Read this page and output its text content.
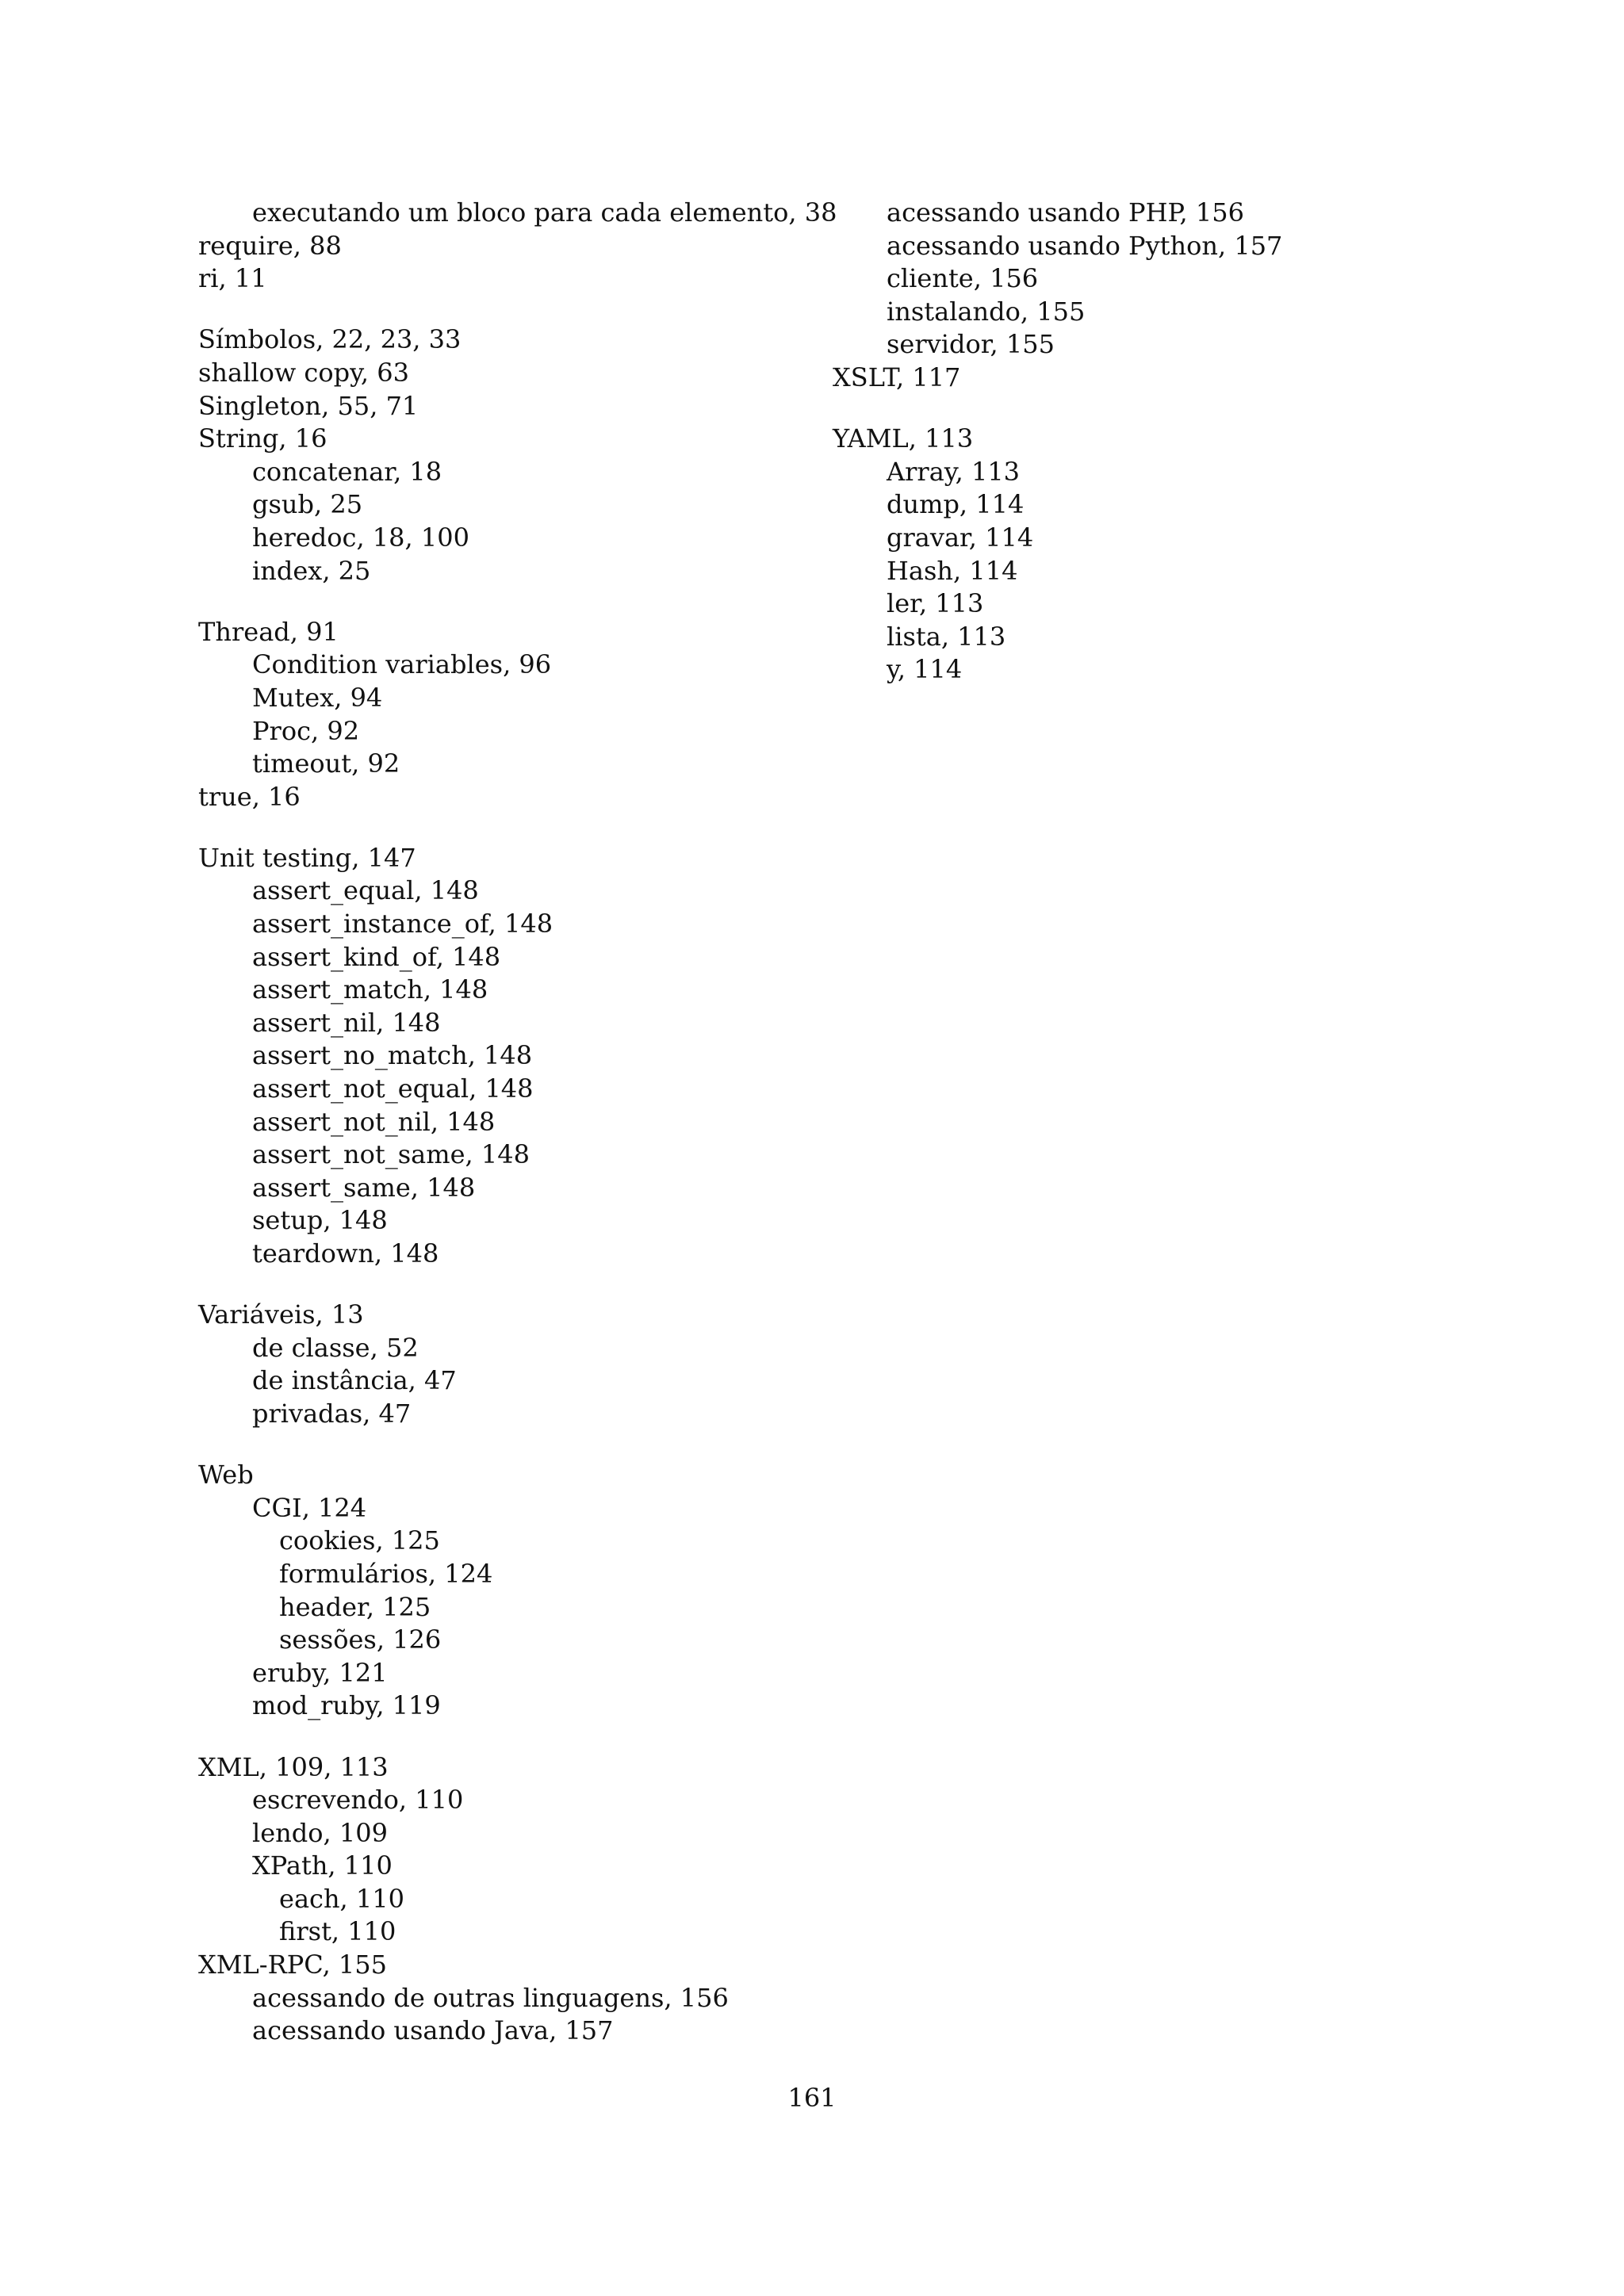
executando um bloco para cada elemento, 38
require, 88
ri, 11
Símbolos, 22, 23, 33
shallow copy, 63
Singleton, 55, 71
String, 16
concatenar, 18
gsub, 25
heredoc, 18, 100
index, 25
Thread, 91
Condition variables, 96
Mutex, 94
Proc, 92
timeout, 92
true, 16
Unit testing, 147
assert_equal, 148
assert_instance_of, 148
assert_kind_of, 148
assert_match, 148
assert_nil, 148
assert_no_match, 148
assert_not_equal, 148
assert_not_nil, 148
assert_not_same, 148
assert_same, 148
setup, 148
teardown, 148
Variáveis, 13
de classe, 52
de instância, 47
privadas, 47
Web
CGI, 124
cookies, 125
formulários, 124
header, 125
sessões, 126
eruby, 121
mod_ruby, 119
XML, 109, 113
escrevendo, 110
lendo, 109
XPath, 110
each, 110
first, 110
XML-RPC, 155
acessando de outras linguagens, 156
acessando usando Java, 157
acessando usando PHP, 156
acessando usando Python, 157
cliente, 156
instalando, 155
servidor, 155
XSLT, 117
YAML, 113
Array, 113
dump, 114
gravar, 114
Hash, 114
ler, 113
lista, 113
y, 114
161
